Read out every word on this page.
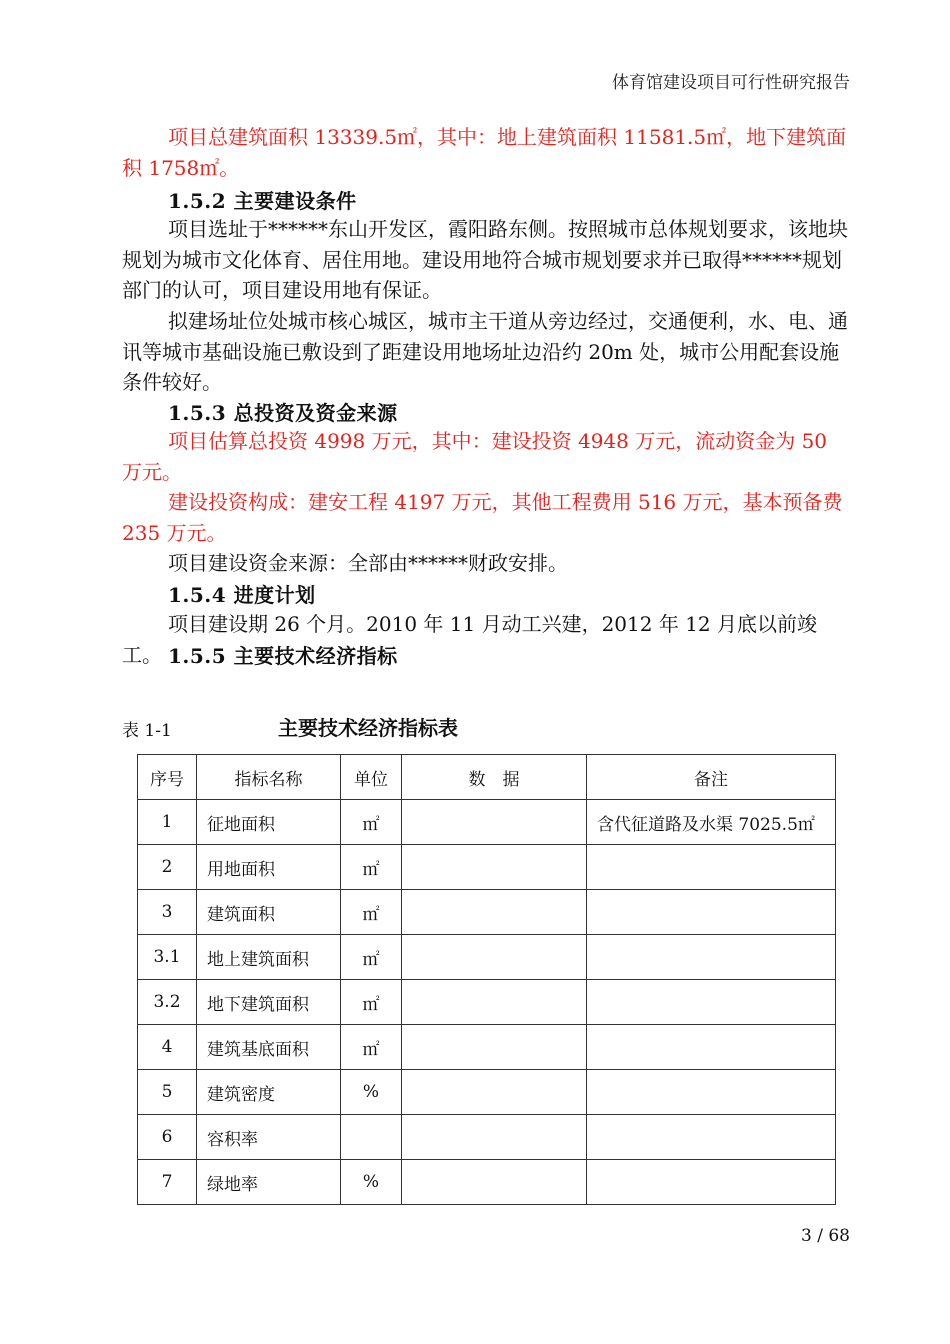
体育馆建设项目可行性研究报告

项目总建筑面积 13339.5㎡，其中：地上建筑面积 11581.5㎡，地下建筑面积 1758㎡。

1.5.2 主要建设条件

项目选址于******东山开发区，霞阳路东侧。按照城市总体规划要求，该地块规划为城市文化体育、居住用地。建设用地符合城市规划要求并已取得******规划部门的认可，项目建设用地有保证。

拟建场址位处城市核心城区，城市主干道从旁边经过，交通便利，水、电、通讯等城市基础设施已敷设到了距建设用地场址边沿约 20m 处，城市公用配套设施条件较好。

1.5.3 总投资及资金来源

项目估算总投资 4998 万元，其中：建设投资 4948 万元，流动资金为 50 万元。

建设投资构成：建安工程 4197 万元，其他工程费用 516 万元，基本预备费 235 万元。

项目建设资金来源：全部由******财政安排。

1.5.4 进度计划

项目建设期 26 个月。2010 年 11 月动工兴建，2012 年 12 月底以前竣工。 1.5.5 主要技术经济指标

表 1-1	主要技术经济指标表
序号	指标名称	单位	数　据	备注
1	征地面积	㎡		含代征道路及水渠 7025.5㎡
2	用地面积	㎡		
3	建筑面积	㎡		
3.1	地上建筑面积	㎡		
3.2	地下建筑面积	㎡		
4	建筑基底面积	㎡		
5	建筑密度	%		
6	容积率			
7	绿地率	%		
3 / 68
